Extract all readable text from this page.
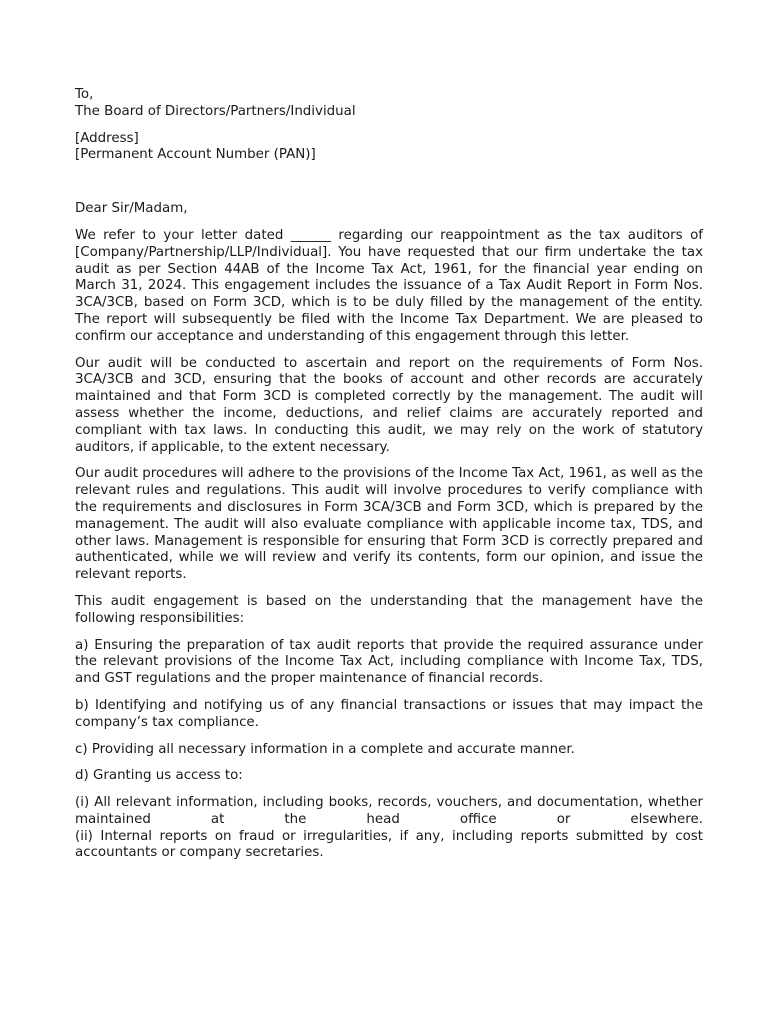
To,
The Board of Directors/Partners/Individual
[Address]
[Permanent Account Number (PAN)]
Dear Sir/Madam,

We refer to your letter dated ______ regarding our reappointment as the tax auditors of [Company/Partnership/LLP/Individual]. You have requested that our firm undertake the tax audit as per Section 44AB of the Income Tax Act, 1961, for the financial year ending on March 31, 2024. This engagement includes the issuance of a Tax Audit Report in Form Nos. 3CA/3CB, based on Form 3CD, which is to be duly filled by the management of the entity. The report will subsequently be filed with the Income Tax Department. We are pleased to confirm our acceptance and understanding of this engagement through this letter.

Our audit will be conducted to ascertain and report on the requirements of Form Nos. 3CA/3CB and 3CD, ensuring that the books of account and other records are accurately maintained and that Form 3CD is completed correctly by the management. The audit will assess whether the income, deductions, and relief claims are accurately reported and compliant with tax laws. In conducting this audit, we may rely on the work of statutory auditors, if applicable, to the extent necessary.

Our audit procedures will adhere to the provisions of the Income Tax Act, 1961, as well as the relevant rules and regulations. This audit will involve procedures to verify compliance with the requirements and disclosures in Form 3CA/3CB and Form 3CD, which is prepared by the management. The audit will also evaluate compliance with applicable income tax, TDS, and other laws. Management is responsible for ensuring that Form 3CD is correctly prepared and authenticated, while we will review and verify its contents, form our opinion, and issue the relevant reports.

This audit engagement is based on the understanding that the management have the following responsibilities:

a) Ensuring the preparation of tax audit reports that provide the required assurance under the relevant provisions of the Income Tax Act, including compliance with Income Tax, TDS, and GST regulations and the proper maintenance of financial records.

b) Identifying and notifying us of any financial transactions or issues that may impact the company’s tax compliance.

c) Providing all necessary information in a complete and accurate manner.

d) Granting us access to:

(i) All relevant information, including books, records, vouchers, and documentation, whether maintained at the head office or elsewhere.
(ii) Internal reports on fraud or irregularities, if any, including reports submitted by cost accountants or company secretaries.
